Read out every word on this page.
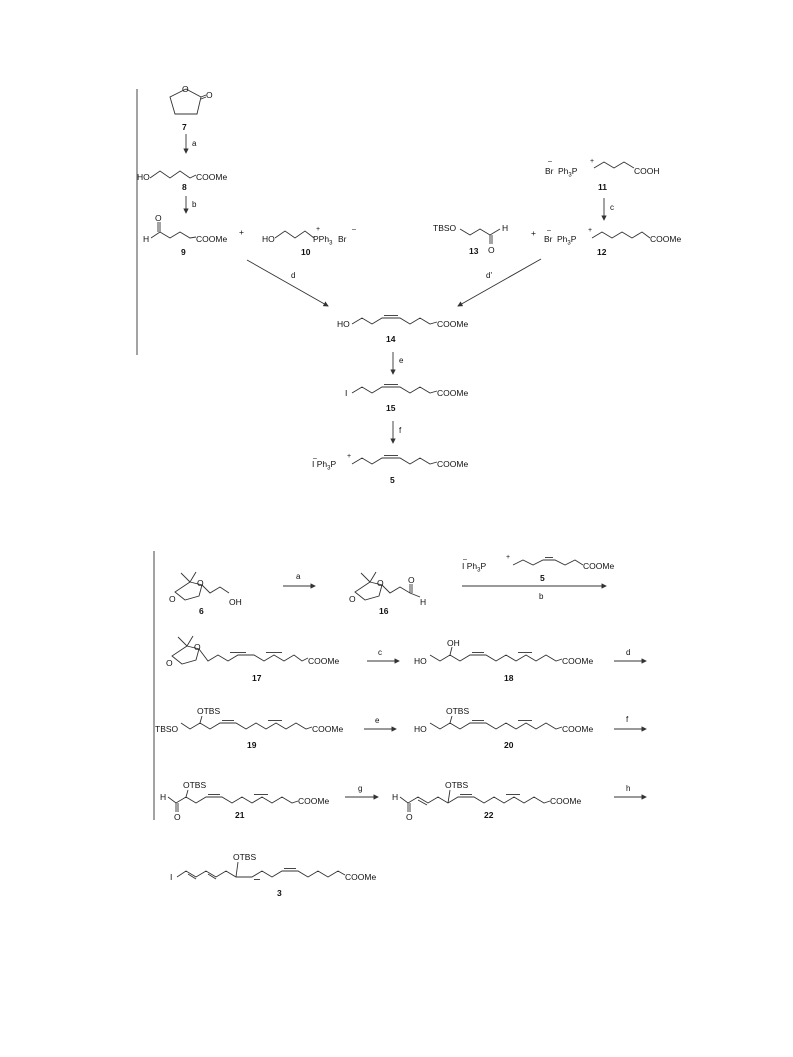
O
O
7
a
HO	COOMe
8
b
O
H	COOMe
9
+
HO
+
PPh$_3$ Br
–
10
–
Br $Ph_3P$
+
COOH
11
c
TBSO	H
O
13
+ –
Br $Ph_3P$
+
COOMe
12
d	d'
HO	COOMe
14
e
I	COOMe
15
f
–
I $Ph_3P$
+
COOMe
5
O
O	OH
6
a
O
O
O
H
16
–
I $Ph_3P$
+
COOMe
5
b
O
O	COOMe
17
c
OH
HO	COOMe
18
d
OTBS
TBSO	COOMe
19
e
OTBS
HO	COOMe
20
f
OTBS
H
O
COOMe
21
g	OTBS
H
O
COOMe
22
h
I
OTBS
COOMe
3
